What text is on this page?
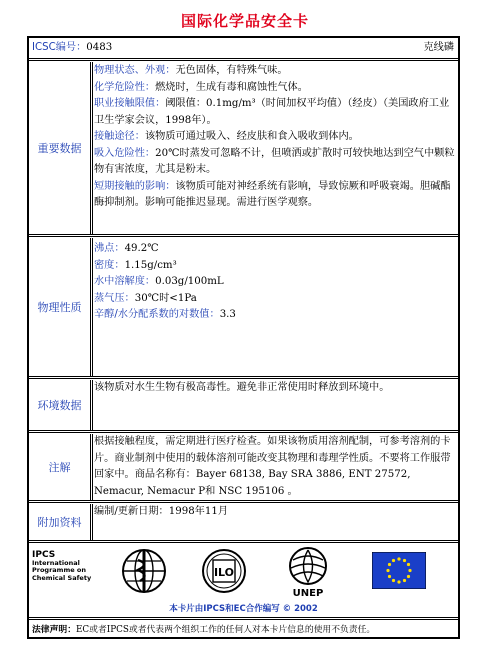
国际化学品安全卡
ICSC编号：0483	克线磷
重要数据
物理状态、外观：无色固体，有特殊气味。
化学危险性：燃烧时，生成有毒和腐蚀性气体。
职业接触限值：阈限值：0.1mg/m³（时间加权平均值）（经皮）（美国政府工业卫生学家会议，1998年）。
接触途径：该物质可通过吸入、经皮肤和食入吸收到体内。
吸入危险性：20℃时蒸发可忽略不计，但喷洒或扩散时可较快地达到空气中颗粒物有害浓度，尤其是粉末。
短期接触的影响：该物质可能对神经系统有影响，导致惊厥和呼吸衰竭。胆碱酯酶抑制剂。影响可能推迟显现。需进行医学观察。
物理性质
沸点：49.2℃
密度：1.15g/cm³
水中溶解度：0.03g/100mL
蒸气压：30℃时<1Pa
辛醇/水分配系数的对数值：3.3
环境数据
该物质对水生生物有极高毒性。避免非正常使用时释放到环境中。
注解
根据接触程度，需定期进行医疗检查。如果该物质用溶剂配制，可参考溶剂的卡片。商业制剂中使用的载体溶剂可能改变其物理和毒理学性质。不要将工作服带回家中。商品名称有：Bayer 68138, Bay SRA 3886, ENT 27572, Nemacur, Nemacur P和 NSC 195106 。
附加资料
编制/更新日期：1998年11月
IPCS
International
Programme on
Chemical Safety	ILO
UNEP
本卡片由IPCS和EC合作编写 © 2002
法律声明：EC或者IPCS或者代表两个组织工作的任何人对本卡片信息的使用不负责任。
